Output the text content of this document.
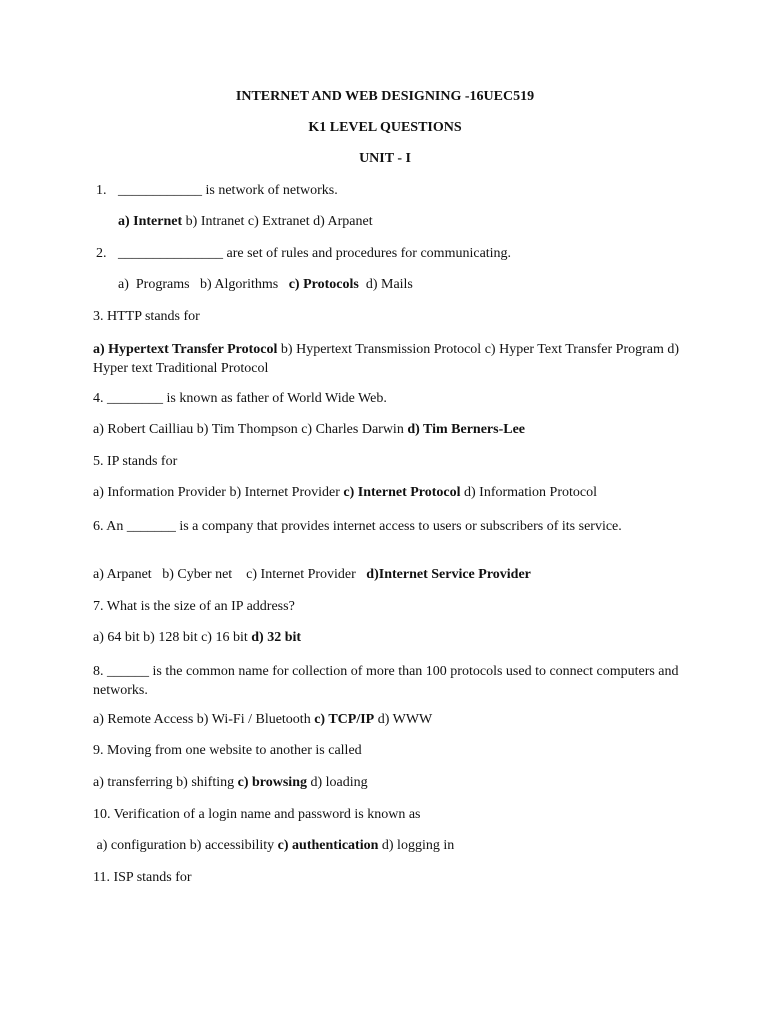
INTERNET AND WEB DESIGNING -16UEC519
K1 LEVEL QUESTIONS
UNIT - I
1. ____________ is network of networks.
a) Internet b) Intranet c) Extranet d) Arpanet
2. _______________ are set of rules and procedures for communicating.
a)  Programs   b) Algorithms   c) Protocols  d) Mails
3. HTTP stands for
a) Hypertext Transfer Protocol b) Hypertext Transmission Protocol c) Hyper Text Transfer Program d) Hyper text Traditional Protocol
4. ________ is known as father of World Wide Web.
a) Robert Cailliau b) Tim Thompson c) Charles Darwin d) Tim Berners-Lee
5. IP stands for
a) Information Provider b) Internet Provider c) Internet Protocol d) Information Protocol
6. An _______ is a company that provides internet access to users or subscribers of its service.
a) Arpanet   b) Cyber net    c) Internet Provider   d)Internet Service Provider
7. What is the size of an IP address?
a) 64 bit b) 128 bit c) 16 bit d) 32 bit
8. ______ is the common name for collection of more than 100 protocols used to connect computers and networks.
a) Remote Access b) Wi-Fi / Bluetooth c) TCP/IP d) WWW
9. Moving from one website to another is called
a) transferring b) shifting c) browsing d) loading
10. Verification of a login name and password is known as
a) configuration b) accessibility c) authentication d) logging in
11. ISP stands for
